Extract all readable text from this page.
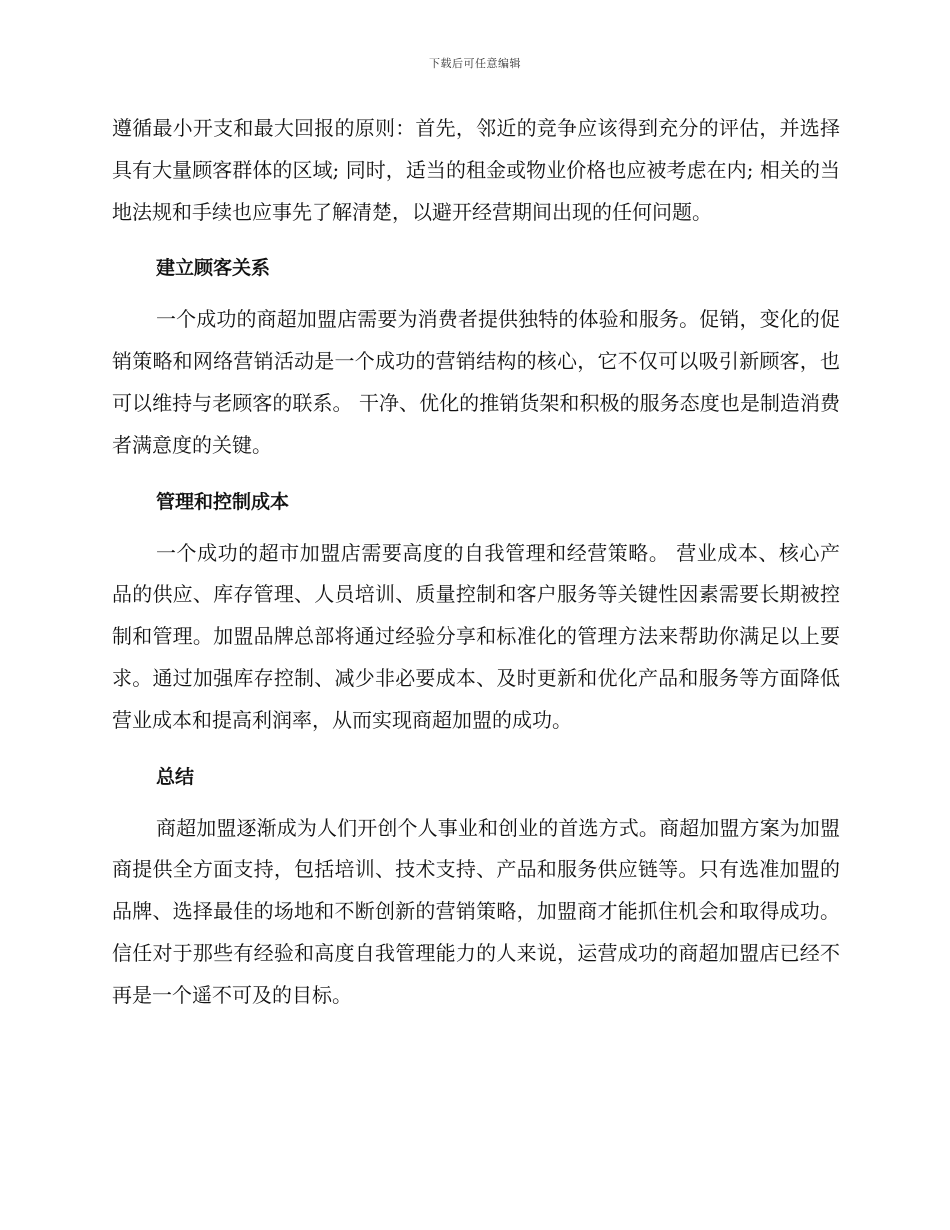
下载后可任意编辑

遵循最小开支和最大回报的原则：首先，邻近的竞争应该得到充分的评估，并选择具有大量顾客群体的区域; 同时，适当的租金或物业价格也应被考虑在内; 相关的当地法规和手续也应事先了解清楚，以避开经营期间出现的任何问题。

建立顾客关系

一个成功的商超加盟店需要为消费者提供独特的体验和服务。促销，变化的促销策略和网络营销活动是一个成功的营销结构的核心，它不仅可以吸引新顾客，也可以维持与老顾客的联系。 干净、优化的推销货架和积极的服务态度也是制造消费者满意度的关键。

管理和控制成本

一个成功的超市加盟店需要高度的自我管理和经营策略。 营业成本、核心产品的供应、库存管理、人员培训、质量控制和客户服务等关键性因素需要长期被控制和管理。加盟品牌总部将通过经验分享和标准化的管理方法来帮助你满足以上要求。通过加强库存控制、减少非必要成本、及时更新和优化产品和服务等方面降低营业成本和提高利润率，从而实现商超加盟的成功。

总结

商超加盟逐渐成为人们开创个人事业和创业的首选方式。商超加盟方案为加盟商提供全方面支持，包括培训、技术支持、产品和服务供应链等。只有选准加盟的品牌、选择最佳的场地和不断创新的营销策略，加盟商才能抓住机会和取得成功。信任对于那些有经验和高度自我管理能力的人来说，运营成功的商超加盟店已经不再是一个遥不可及的目标。
